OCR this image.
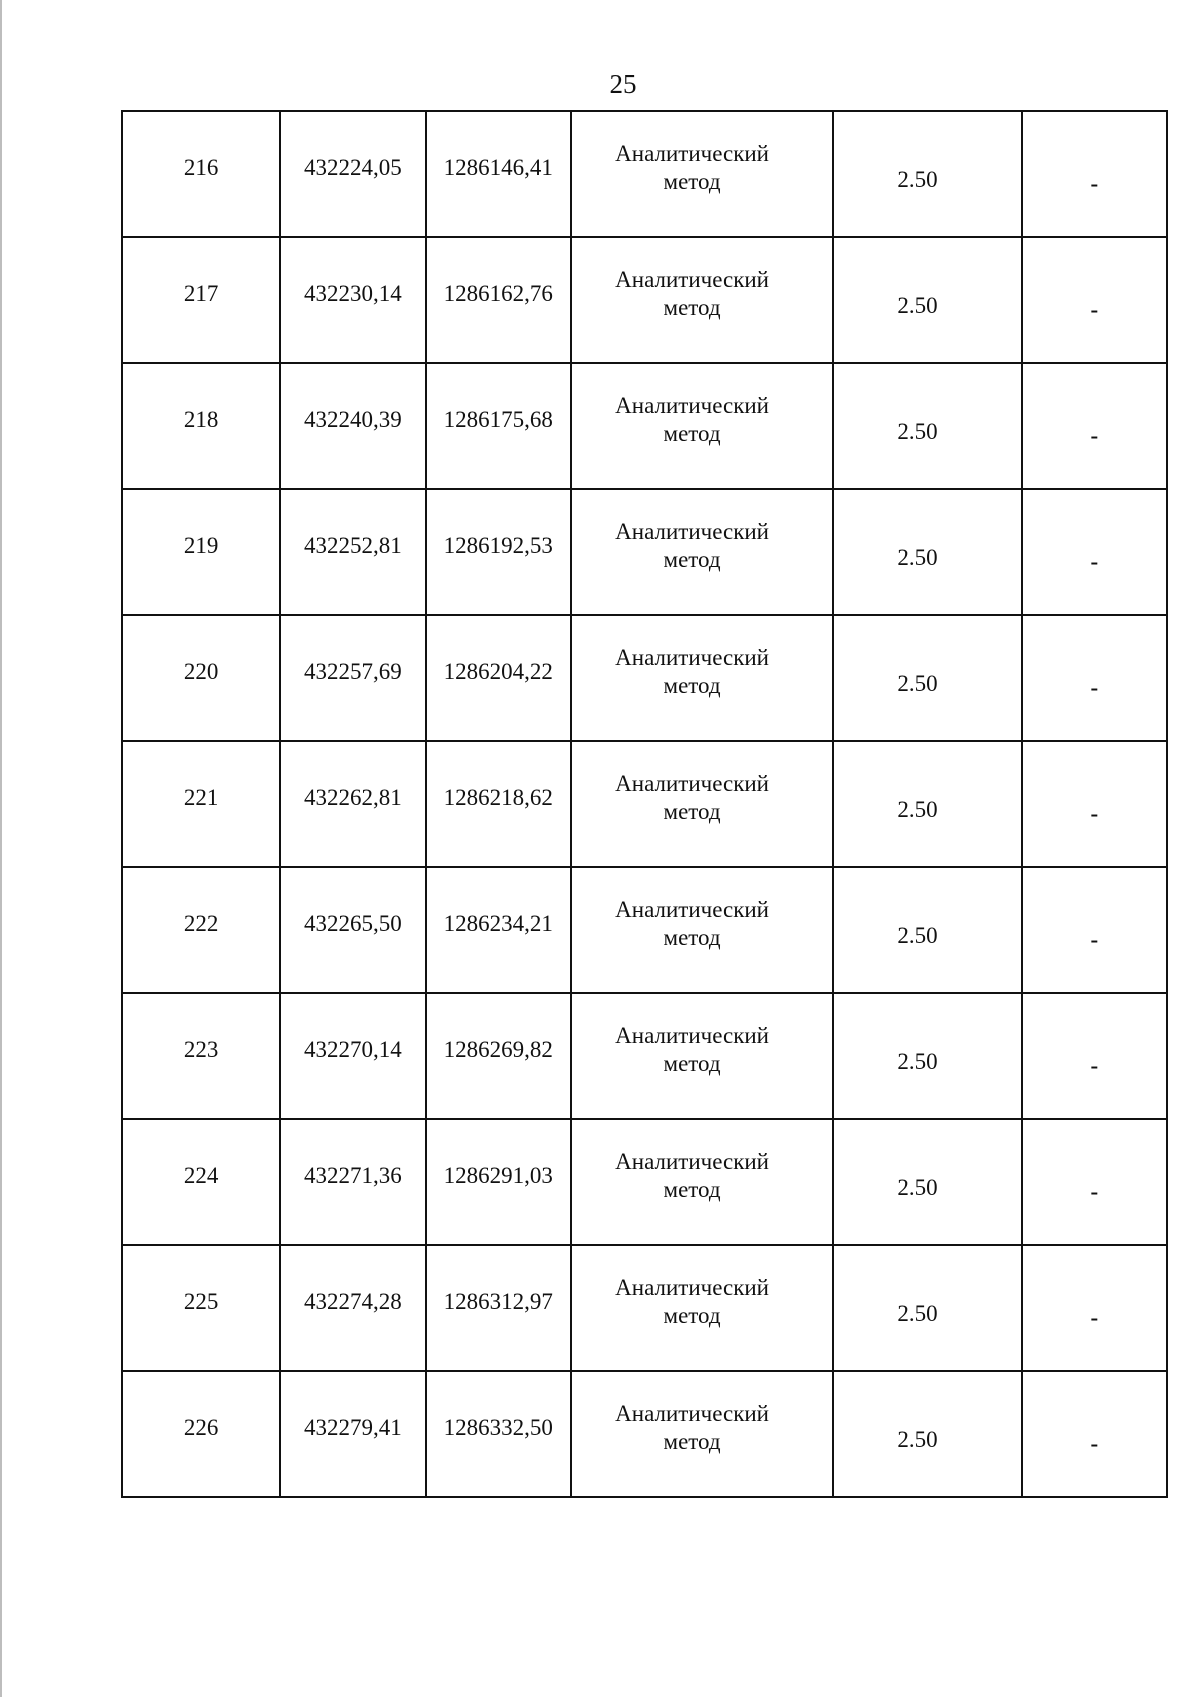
25
216	432224,05	1286146,41	Аналитический метод	2.50	-
217	432230,14	1286162,76	Аналитический метод	2.50	-
218	432240,39	1286175,68	Аналитический метод	2.50	-
219	432252,81	1286192,53	Аналитический метод	2.50	-
220	432257,69	1286204,22	Аналитический метод	2.50	-
221	432262,81	1286218,62	Аналитический метод	2.50	-
222	432265,50	1286234,21	Аналитический метод	2.50	-
223	432270,14	1286269,82	Аналитический метод	2.50	-
224	432271,36	1286291,03	Аналитический метод	2.50	-
225	432274,28	1286312,97	Аналитический метод	2.50	-
226	432279,41	1286332,50	Аналитический метод	2.50	-
